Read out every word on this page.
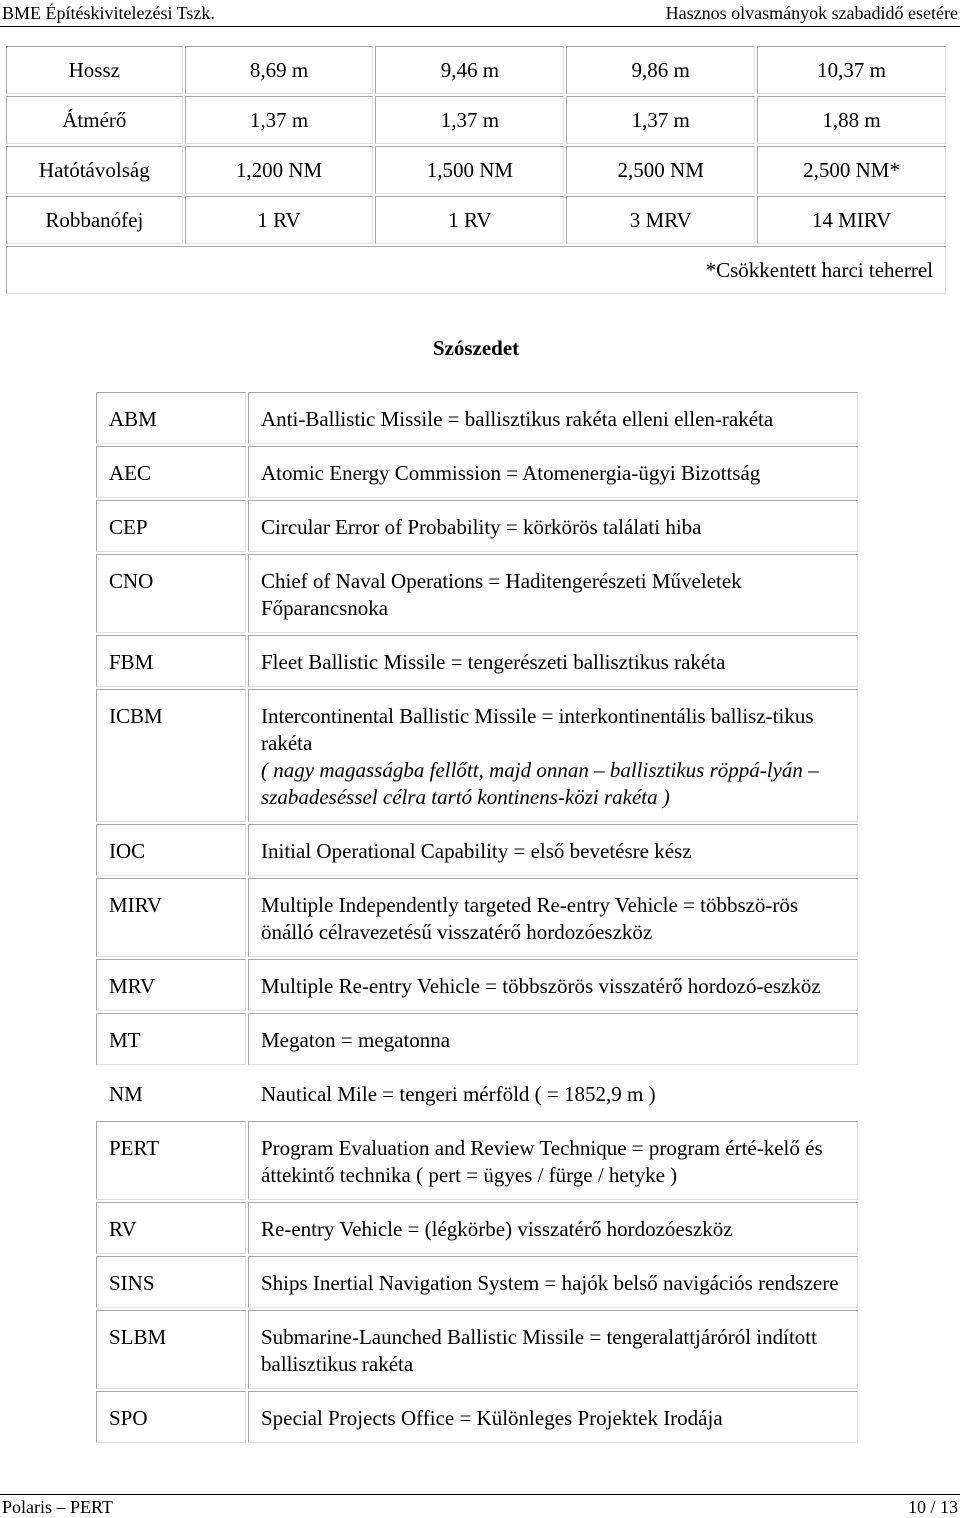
BME Építéskivitelezési Tszk.	Hasznos olvasmányok szabadidő esetére
Hossz	8,69 m	9,46 m	9,86 m	10,37 m
Átmérő	1,37 m	1,37 m	1,37 m	1,88 m
Hatótávolság	1,200 NM	1,500 NM	2,500 NM	2,500 NM*
Robbanófej	1 RV	1 RV	3 MRV	14 MIRV
*Csökkentett harci teherrel				
Szószedet
ABM	Anti-Ballistic Missile = ballisztikus rakéta elleni ellen-rakéta
AEC	Atomic Energy Commission = Atomenergia-ügyi Bizottság
CEP	Circular Error of Probability = körkörös találati hiba
CNO	Chief of Naval Operations = Haditengerészeti Műveletek Főparancsnoka
FBM	Fleet Ballistic Missile = tengerészeti ballisztikus rakéta
ICBM	Intercontinental Ballistic Missile = interkontinentális ballisz-tikus rakéta
( nagy magasságba fellőtt, majd onnan – ballisztikus röppá-lyán – szabadeséssel célra tartó kontinens-közi rakéta )
IOC	Initial Operational Capability = első bevetésre kész
MIRV	Multiple Independently targeted Re-entry Vehicle = többszö-rös önálló célravezetésű visszatérő hordozóeszköz
MRV	Multiple Re-entry Vehicle = többszörös visszatérő hordozó-eszköz
MT	Megaton = megatonna
NM	Nautical Mile = tengeri mérföld ( = 1852,9 m )
PERT	Program Evaluation and Review Technique = program érté-kelő és áttekintő technika ( pert = ügyes / fürge / hetyke )
RV	Re-entry Vehicle = (légkörbe) visszatérő hordozóeszköz
SINS	Ships Inertial Navigation System = hajók belső navigációs rendszere
SLBM	Submarine-Launched Ballistic Missile = tengeralattjáróról indított ballisztikus rakéta
SPO	Special Projects Office = Különleges Projektek Irodája
Polaris – PERT	10 / 13
